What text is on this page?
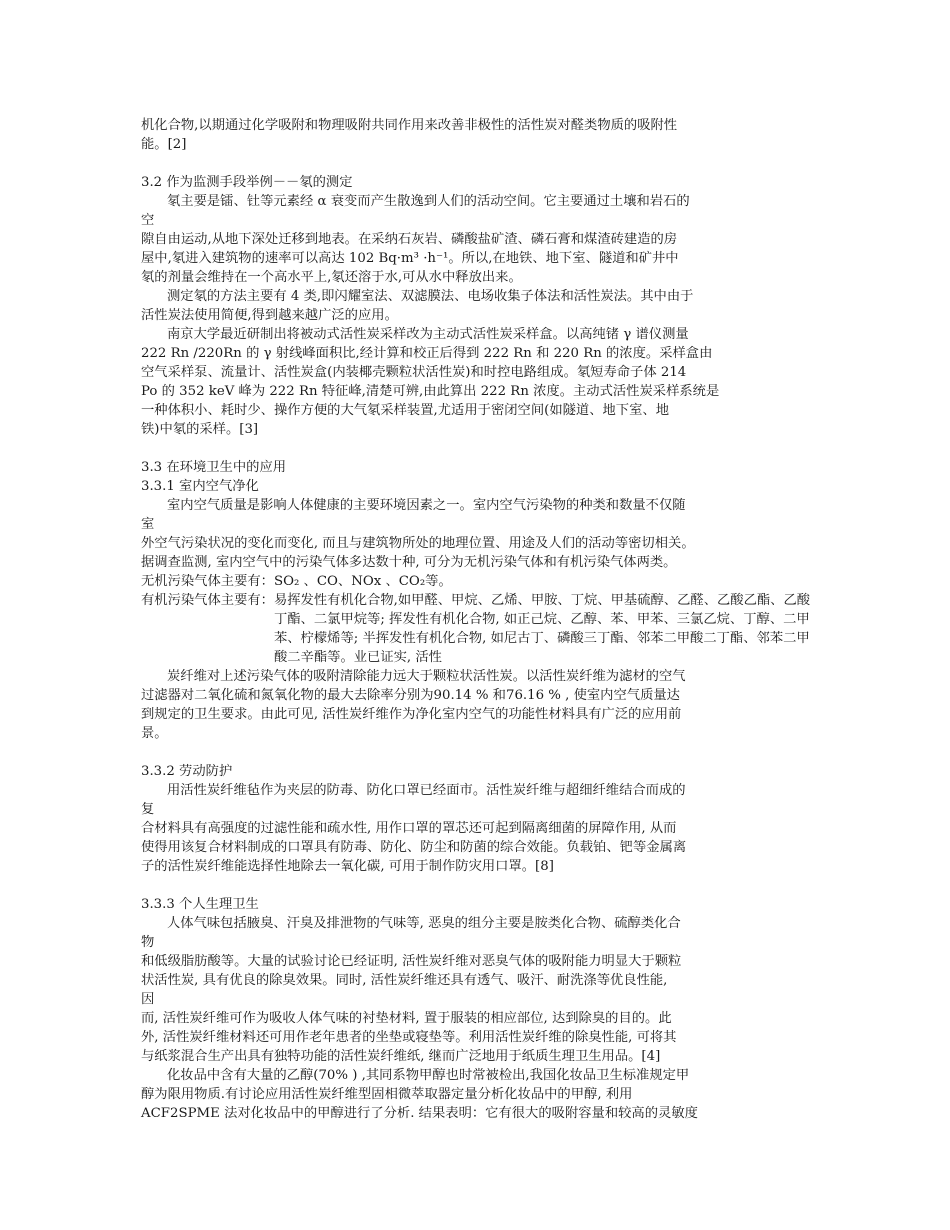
机化合物,以期通过化学吸附和物理吸附共同作用来改善非极性的活性炭对醛类物质的吸附性
能。[2]
3.2 作为监测手段举例－－氡的测定
氡主要是镭、钍等元素经 α 衰变而产生散逸到人们的活动空间。它主要通过土壤和岩石的
空
隙自由运动,从地下深处迁移到地表。在采纳石灰岩、磷酸盐矿渣、磷石膏和煤渣砖建造的房
屋中,氡进入建筑物的速率可以高达 102 Bq·m³ ·h⁻¹。所以,在地铁、地下室、隧道和矿井中
氡的剂量会维持在一个高水平上,氡还溶于水,可从水中释放出来。
测定氡的方法主要有 4 类,即闪耀室法、双滤膜法、电场收集子体法和活性炭法。其中由于
活性炭法使用简便,得到越来越广泛的应用。
南京大学最近研制出将被动式活性炭采样改为主动式活性炭采样盒。以高纯锗 γ 谱仪测量
222 Rn /220Rn 的 γ 射线峰面积比,经计算和校正后得到 222 Rn 和 220 Rn 的浓度。采样盒由
空气采样泵、流量计、活性炭盒(内装椰壳颗粒状活性炭)和时控电路组成。氡短寿命子体 214
Po 的 352 keV 峰为 222 Rn 特征峰,清楚可辨,由此算出 222 Rn 浓度。主动式活性炭采样系统是
一种体积小、耗时少、操作方便的大气氡采样装置,尤适用于密闭空间(如隧道、地下室、地
铁)中氡的采样。[3]
3.3 在环境卫生中的应用
3.3.1 室内空气净化
室内空气质量是影响人体健康的主要环境因素之一。室内空气污染物的种类和数量不仅随
室
外空气污染状况的变化而变化, 而且与建筑物所处的地理位置、用途及人们的活动等密切相关。
据调查监测, 室内空气中的污染气体多达数十种, 可分为无机污染气体和有机污染气体两类。
无机污染气体主要有：SO₂ 、CO、NOx 、CO₂等。
有机污染气体主要有： 易挥发性有机化合物,如甲醛、甲烷、乙烯、甲胺、丁烷、甲基硫醇、乙醛、乙酸乙酯、乙酸丁酯、二氯甲烷等; 挥发性有机化合物, 如正己烷、乙醇、苯、甲苯、三氯乙烷、丁醇、二甲苯、柠檬烯等; 半挥发性有机化合物, 如尼古丁、磷酸三丁酯、邻苯二甲酸二丁酯、邻苯二甲酸二辛酯等。业已证实, 活性
炭纤维对上述污染气体的吸附清除能力远大于颗粒状活性炭。以活性炭纤维为滤材的空气
过滤器对二氧化硫和氮氧化物的最大去除率分别为90.14 % 和76.16 % , 使室内空气质量达
到规定的卫生要求。由此可见, 活性炭纤维作为净化室内空气的功能性材料具有广泛的应用前
景。
3.3.2 劳动防护
用活性炭纤维毡作为夹层的防毒、防化口罩已经面市。活性炭纤维与超细纤维结合而成的
复
合材料具有高强度的过滤性能和疏水性, 用作口罩的罩芯还可起到隔离细菌的屏障作用, 从而
使得用该复合材料制成的口罩具有防毒、防化、防尘和防菌的综合效能。负载铂、钯等金属离
子的活性炭纤维能选择性地除去一氧化碳, 可用于制作防灾用口罩。[8]
3.3.3 个人生理卫生
人体气味包括腋臭、汗臭及排泄物的气味等, 恶臭的组分主要是胺类化合物、硫醇类化合
物
和低级脂肪酸等。大量的试验讨论已经证明, 活性炭纤维对恶臭气体的吸附能力明显大于颗粒
状活性炭, 具有优良的除臭效果。同时, 活性炭纤维还具有透气、吸汗、耐洗涤等优良性能,
因
而, 活性炭纤维可作为吸收人体气味的衬垫材料, 置于服装的相应部位, 达到除臭的目的。此
外, 活性炭纤维材料还可用作老年患者的坐垫或寝垫等。利用活性炭纤维的除臭性能, 可将其
与纸浆混合生产出具有独特功能的活性炭纤维纸, 继而广泛地用于纸质生理卫生用品。[4]
化妆品中含有大量的乙醇(70% ) ,其同系物甲醇也时常被检出,我国化妆品卫生标准规定甲
醇为限用物质.有讨论应用活性炭纤维型固相微萃取器定量分析化妆品中的甲醇, 利用
ACF2SPME 法对化妆品中的甲醇进行了分析. 结果表明：它有很大的吸附容量和较高的灵敏度
